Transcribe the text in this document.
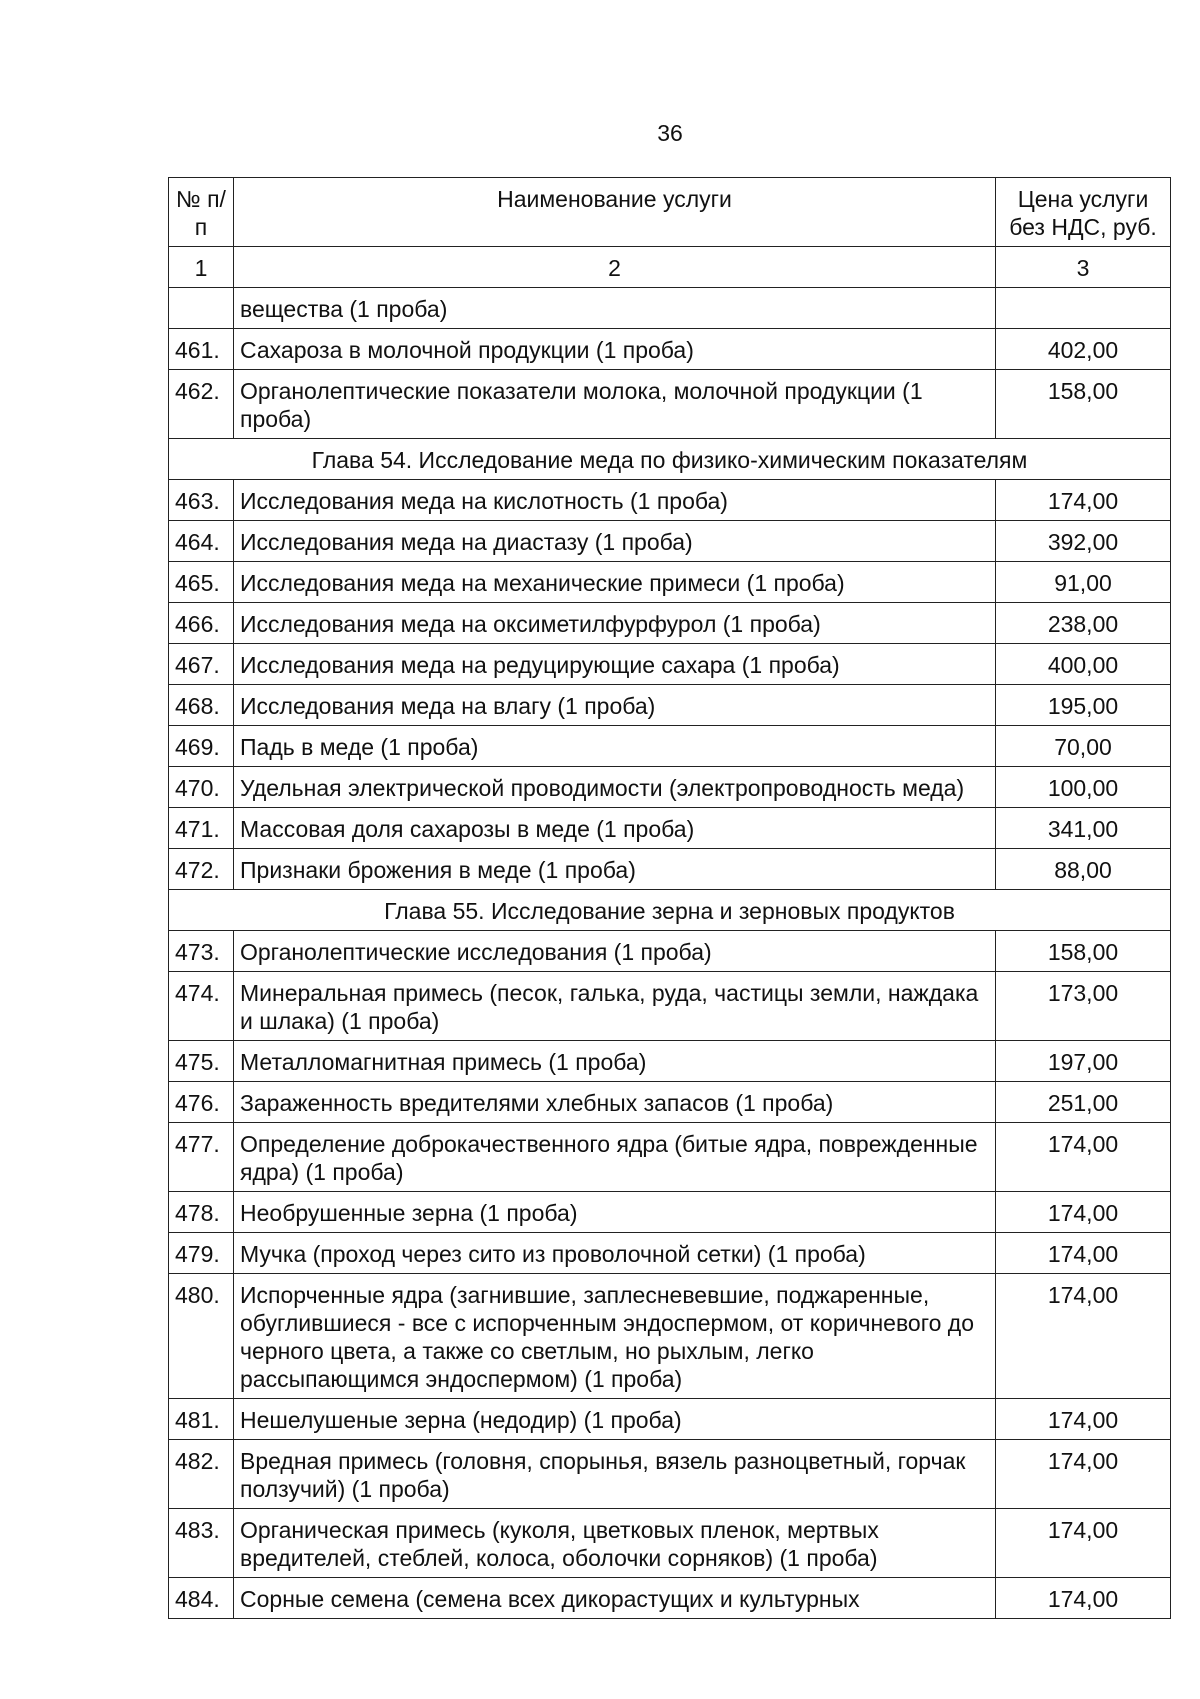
36
№ п/п	Наименование услуги	Цена услуги без НДС, руб.
1	2	3
	вещества (1 проба)	
461.	Сахароза в молочной продукции (1 проба)	402,00
462.	Органолептические показатели молока, молочной продукции (1 проба)	158,00
Глава 54. Исследование меда по физико-химическим показателям		
463.	Исследования меда на кислотность (1 проба)	174,00
464.	Исследования меда на диастазу (1 проба)	392,00
465.	Исследования меда на механические примеси (1 проба)	91,00
466.	Исследования меда на оксиметилфурфурол (1 проба)	238,00
467.	Исследования меда на редуцирующие сахара (1 проба)	400,00
468.	Исследования меда на влагу (1 проба)	195,00
469.	Падь в меде (1 проба)	70,00
470.	Удельная электрической проводимости (электропроводность меда)	100,00
471.	Массовая доля сахарозы в меде (1 проба)	341,00
472.	Признаки брожения в меде (1 проба)	88,00
Глава 55. Исследование зерна и зерновых продуктов		
473.	Органолептические исследования (1 проба)	158,00
474.	Минеральная примесь (песок, галька, руда, частицы земли, наждака и шлака) (1 проба)	173,00
475.	Металломагнитная примесь (1 проба)	197,00
476.	Зараженность вредителями хлебных запасов (1 проба)	251,00
477.	Определение доброкачественного ядра (битые ядра, поврежденные ядра) (1 проба)	174,00
478.	Необрушенные зерна (1 проба)	174,00
479.	Мучка (проход через сито из проволочной сетки) (1 проба)	174,00
480.	Испорченные ядра (загнившие, заплесневевшие, поджаренные, обуглившиеся - все с испорченным эндоспермом, от коричневого до черного цвета, а также со светлым, но рыхлым, легко рассыпающимся эндоспермом) (1 проба)	174,00
481.	Нешелушеные зерна (недодир) (1 проба)	174,00
482.	Вредная примесь (головня, спорынья, вязель разноцветный, горчак ползучий) (1 проба)	174,00
483.	Органическая примесь (куколя, цветковых пленок, мертвых вредителей, стеблей, колоса, оболочки сорняков) (1 проба)	174,00
484.	Сорные семена (семена всех дикорастущих и культурных	174,00
